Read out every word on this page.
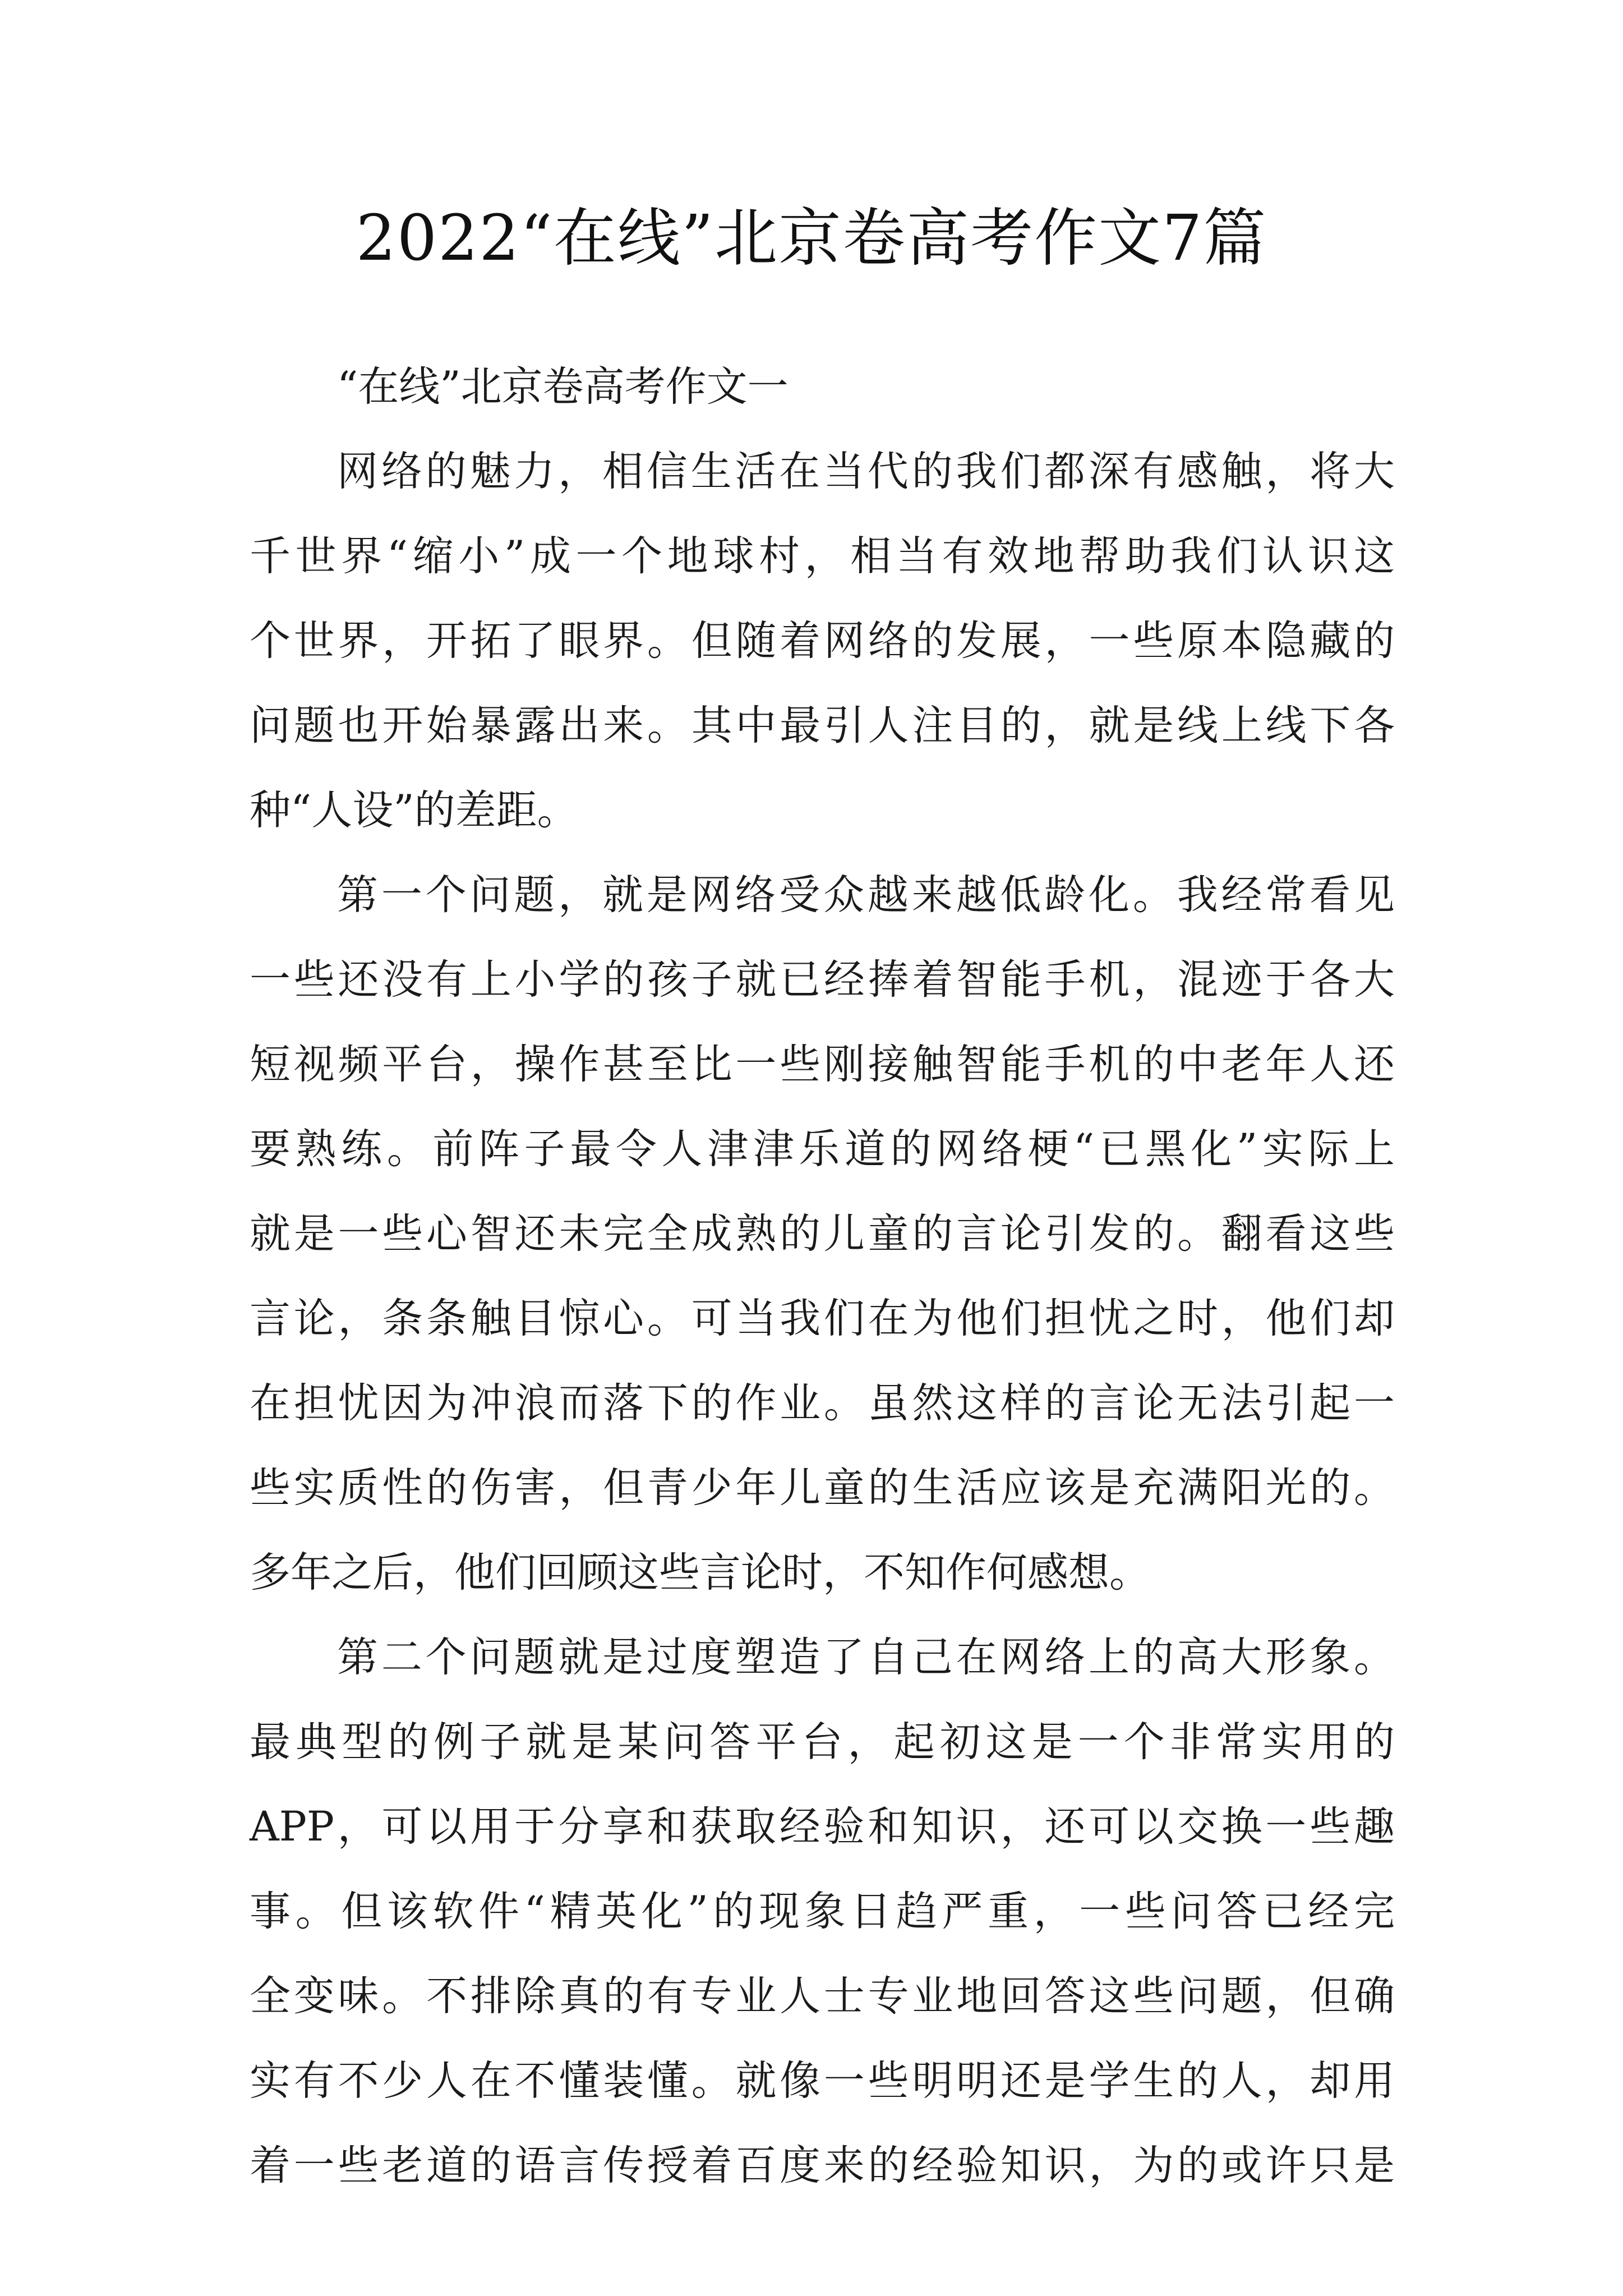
2022“在线”北京卷高考作文7篇
“在线”北京卷高考作文一
网络的魅力，相信生活在当代的我们都深有感触，将大
千世界“缩小”成一个地球村，相当有效地帮助我们认识这
个世界，开拓了眼界。但随着网络的发展，一些原本隐藏的
问题也开始暴露出来。其中最引人注目的，就是线上线下各
种“人设”的差距。
第一个问题，就是网络受众越来越低龄化。我经常看见
一些还没有上小学的孩子就已经捧着智能手机，混迹于各大
短视频平台，操作甚至比一些刚接触智能手机的中老年人还
要熟练。前阵子最令人津津乐道的网络梗“已黑化”实际上
就是一些心智还未完全成熟的儿童的言论引发的。翻看这些
言论，条条触目惊心。可当我们在为他们担忧之时，他们却
在担忧因为冲浪而落下的作业。虽然这样的言论无法引起一
些实质性的伤害，但青少年儿童的生活应该是充满阳光的。
多年之后，他们回顾这些言论时，不知作何感想。
第二个问题就是过度塑造了自己在网络上的高大形象。
最典型的例子就是某问答平台，起初这是一个非常实用的
APP，可以用于分享和获取经验和知识，还可以交换一些趣
事。但该软件“精英化”的现象日趋严重，一些问答已经完
全变味。不排除真的有专业人士专业地回答这些问题，但确
实有不少人在不懂装懂。就像一些明明还是学生的人，却用
着一些老道的语言传授着百度来的经验知识，为的或许只是
